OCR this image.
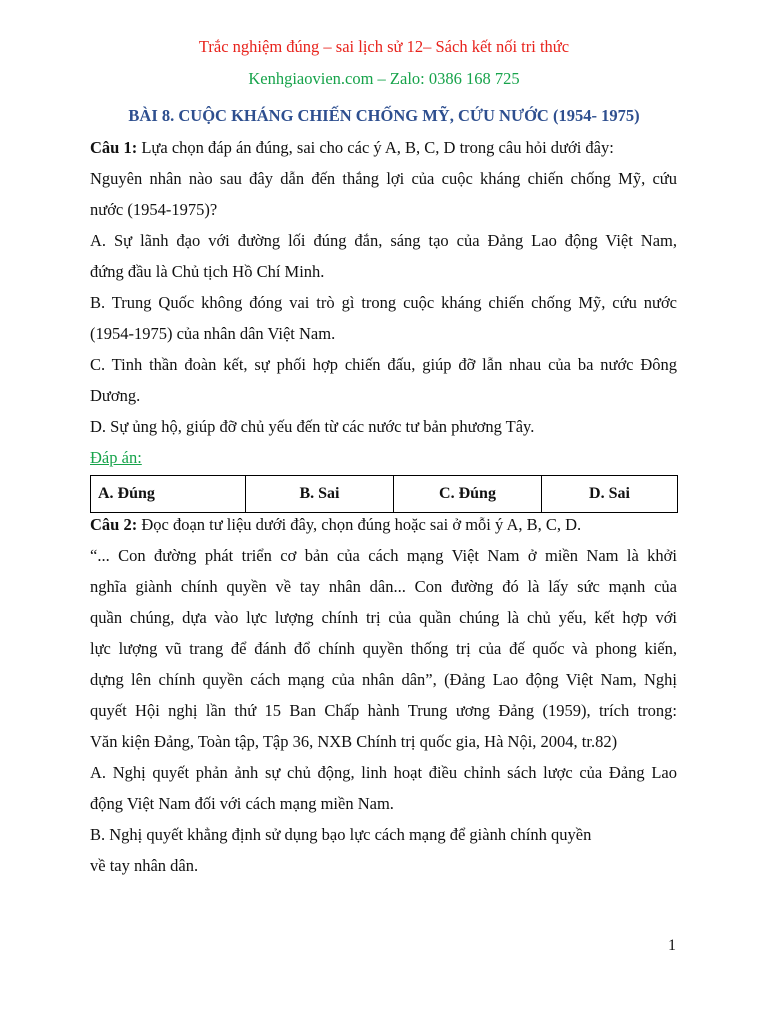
Trắc nghiệm đúng – sai lịch sử 12– Sách kết nối tri thức
Kenhgiaovien.com – Zalo: 0386 168 725
BÀI 8. CUỘC KHÁNG CHIẾN CHỐNG MỸ, CỨU NƯỚC (1954- 1975)
Câu 1: Lựa chọn đáp án đúng, sai cho các ý A, B, C, D trong câu hỏi dưới đây:
Nguyên nhân nào sau đây dẫn đến thắng lợi của cuộc kháng chiến chống Mỹ, cứu
nước (1954-1975)?
A. Sự lãnh đạo với đường lối đúng đắn, sáng tạo của Đảng Lao động Việt Nam,
đứng đầu là Chủ tịch Hồ Chí Minh.
B. Trung Quốc không đóng vai trò gì trong cuộc kháng chiến chống Mỹ, cứu nước
(1954-1975) của nhân dân Việt Nam.
C. Tinh thần đoàn kết, sự phối hợp chiến đấu, giúp đỡ lẫn nhau của ba nước Đông
Dương.
D. Sự ủng hộ, giúp đỡ chủ yếu đến từ các nước tư bản phương Tây.
Đáp án:
A. Đúng	B. Sai	C. Đúng	D. Sai
Câu 2: Đọc đoạn tư liệu dưới đây, chọn đúng hoặc sai ở mỗi ý A, B, C, D.
“... Con đường phát triển cơ bản của cách mạng Việt Nam ở miền Nam là khởi
nghĩa giành chính quyền về tay nhân dân... Con đường đó là lấy sức mạnh của
quần chúng, dựa vào lực lượng chính trị của quần chúng là chủ yếu, kết hợp với
lực lượng vũ trang để đánh đổ chính quyền thống trị của đế quốc và phong kiến,
dựng lên chính quyền cách mạng của nhân dân”, (Đảng Lao động Việt Nam, Nghị
quyết Hội nghị lần thứ 15 Ban Chấp hành Trung ương Đảng (1959), trích trong:
Văn kiện Đảng, Toàn tập, Tập 36, NXB Chính trị quốc gia, Hà Nội, 2004, tr.82)
A. Nghị quyết phản ảnh sự chủ động, linh hoạt điều chỉnh sách lược của Đảng Lao
động Việt Nam đối với cách mạng miền Nam.
B. Nghị quyết khẳng định sử dụng bạo lực cách mạng để giành chính quyền
về tay nhân dân.
1
